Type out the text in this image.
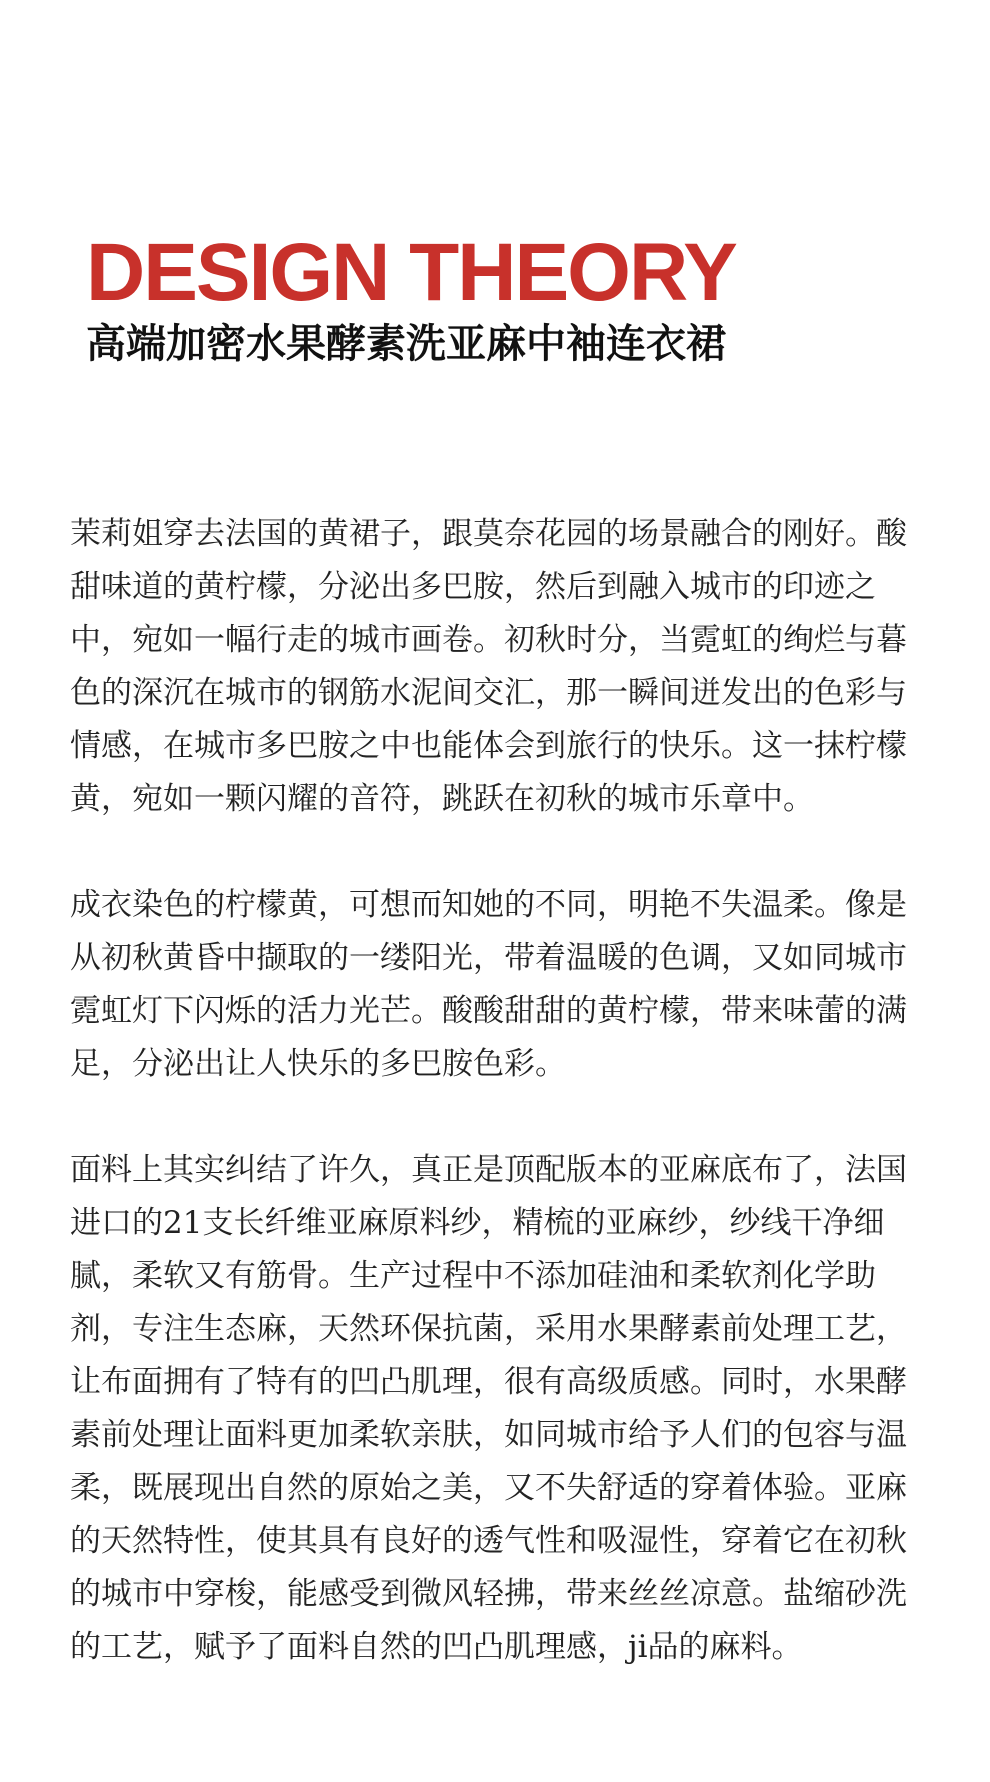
DESIGN THEORY
高端加密水果酵素洗亚麻中袖连衣裙

茉莉姐穿去法国的黄裙子，跟莫奈花园的场景融合的刚好。酸甜味道的黄柠檬，分泌出多巴胺，然后到融入城市的印迹之中，宛如一幅行走的城市画卷。初秋时分，当霓虹的绚烂与暮色的深沉在城市的钢筋水泥间交汇，那一瞬间迸发出的色彩与情感，在城市多巴胺之中也能体会到旅行的快乐。这一抹柠檬黄，宛如一颗闪耀的音符，跳跃在初秋的城市乐章中。

成衣染色的柠檬黄，可想而知她的不同，明艳不失温柔。像是从初秋黄昏中撷取的一缕阳光，带着温暖的色调，又如同城市霓虹灯下闪烁的活力光芒。酸酸甜甜的黄柠檬，带来味蕾的满足，分泌出让人快乐的多巴胺色彩。

面料上其实纠结了许久，真正是顶配版本的亚麻底布了，法国进口的21支长纤维亚麻原料纱，精梳的亚麻纱，纱线干净细腻，柔软又有筋骨。生产过程中不添加硅油和柔软剂化学助剂，专注生态麻，天然环保抗菌，采用水果酵素前处理工艺，让布面拥有了特有的凹凸肌理，很有高级质感。同时，水果酵素前处理让面料更加柔软亲肤，如同城市给予人们的包容与温柔，既展现出自然的原始之美，又不失舒适的穿着体验。亚麻的天然特性，使其具有良好的透气性和吸湿性，穿着它在初秋的城市中穿梭，能感受到微风轻拂，带来丝丝凉意。盐缩砂洗的工艺，赋予了面料自然的凹凸肌理感，ji品的麻料。
